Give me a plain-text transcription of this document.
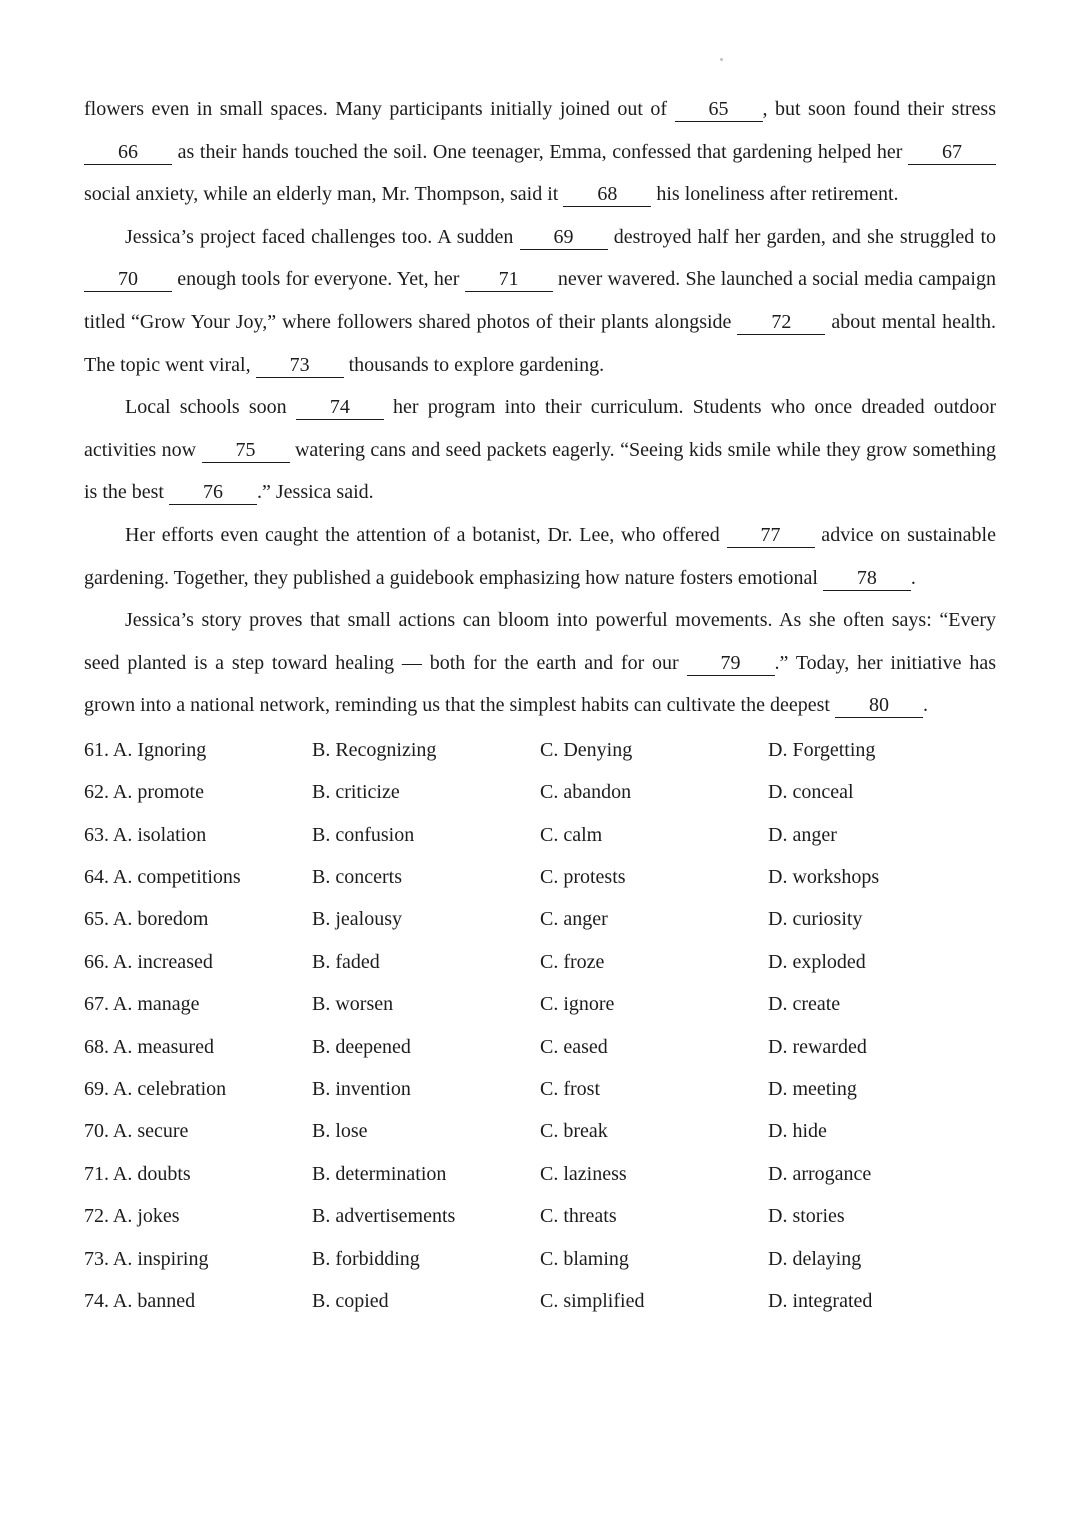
flowers even in small spaces. Many participants initially joined out of 65 , but soon found their stress 66 as their hands touched the soil. One teenager, Emma, confessed that gardening helped her 67 social anxiety, while an elderly man, Mr. Thompson, said it 68 his loneliness after retirement.

Jessica’s project faced challenges too. A sudden 69 destroyed half her garden, and she struggled to 70 enough tools for everyone. Yet, her 71 never wavered. She launched a social media campaign titled “Grow Your Joy,” where followers shared photos of their plants alongside 72 about mental health. The topic went viral, 73 thousands to explore gardening.

Local schools soon 74 her program into their curriculum. Students who once dreaded outdoor activities now 75 watering cans and seed packets eagerly. “Seeing kids smile while they grow something is the best 76 .” Jessica said.

Her efforts even caught the attention of a botanist, Dr. Lee, who offered 77 advice on sustainable gardening. Together, they published a guidebook emphasizing how nature fosters emotional 78 .

Jessica’s story proves that small actions can bloom into powerful movements. As she often says: “Every seed planted is a step toward healing — both for the earth and for our 79 .” Today, her initiative has grown into a national network, reminding us that the simplest habits can cultivate the deepest 80 .

61. A. Ignoring	B. Recognizing	C. Denying	D. Forgetting
62. A. promote	B. criticize	C. abandon	D. conceal
63. A. isolation	B. confusion	C. calm	D. anger
64. A. competitions	B. concerts	C. protests	D. workshops
65. A. boredom	B. jealousy	C. anger	D. curiosity
66. A. increased	B. faded	C. froze	D. exploded
67. A. manage	B. worsen	C. ignore	D. create
68. A. measured	B. deepened	C. eased	D. rewarded
69. A. celebration	B. invention	C. frost	D. meeting
70. A. secure	B. lose	C. break	D. hide
71. A. doubts	B. determination	C. laziness	D. arrogance
72. A. jokes	B. advertisements	C. threats	D. stories
73. A. inspiring	B. forbidding	C. blaming	D. delaying
74. A. banned	B. copied	C. simplified	D. integrated
